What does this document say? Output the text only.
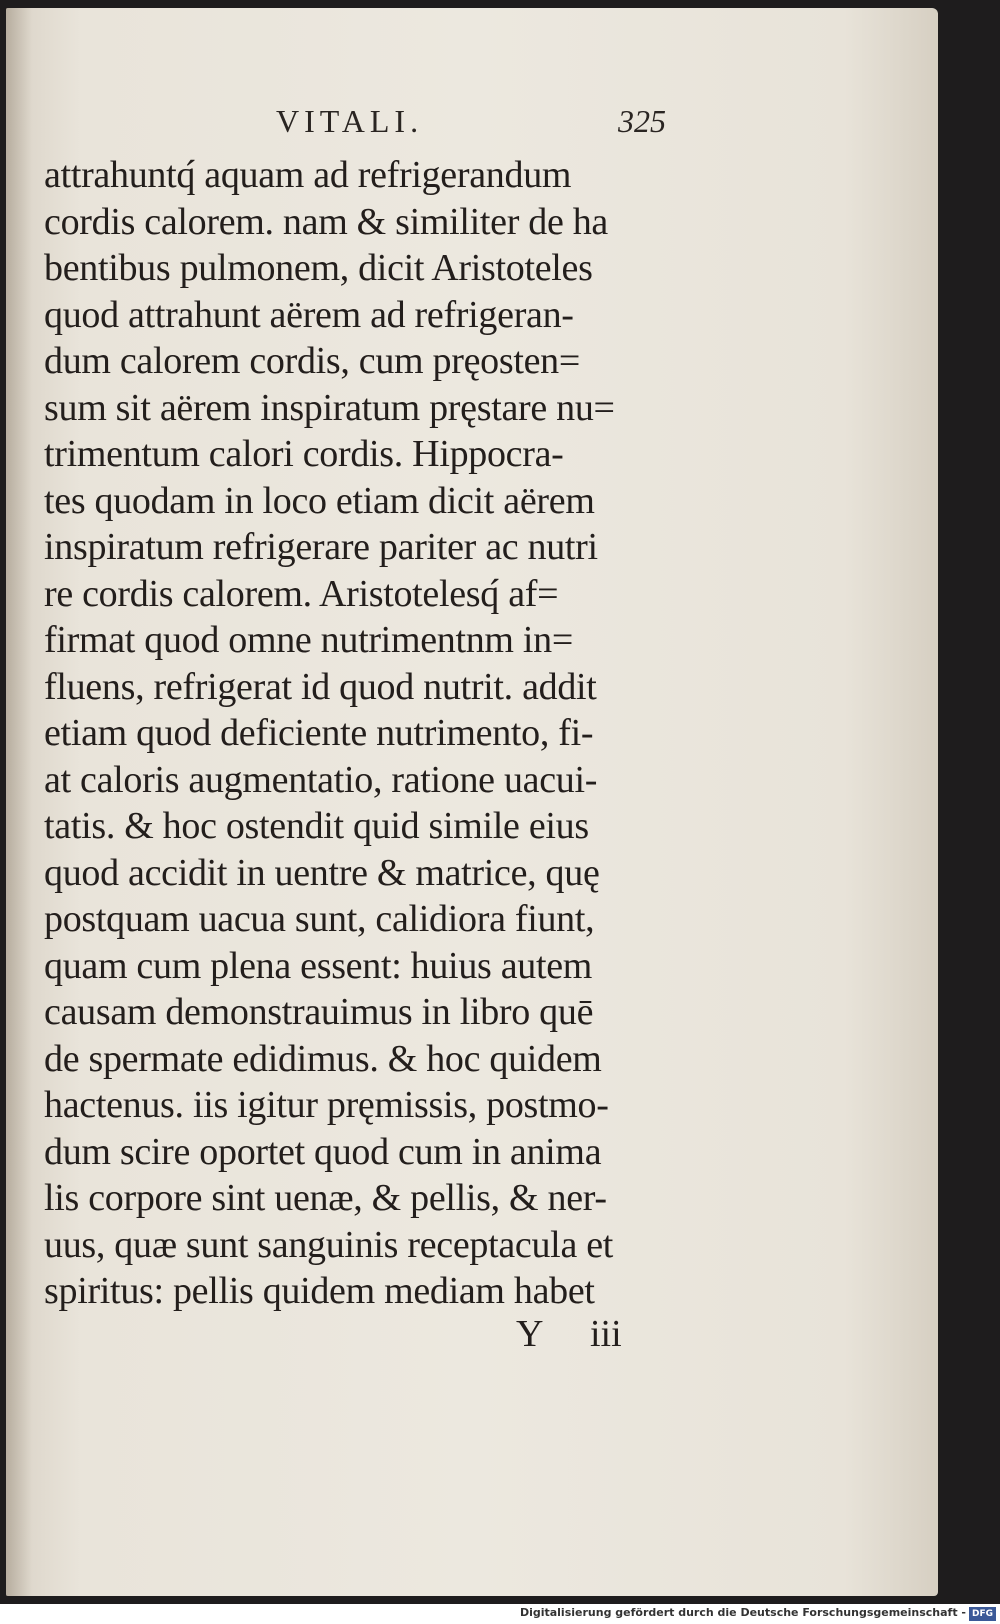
VITALI.	325
attrahuntq́ aquam ad refrigerandum
cordis calorem. nam & similiter de ha
bentibus pulmonem, dicit Aristoteles
quod attrahunt aërem ad refrigeran-
dum calorem cordis, cum pręosten=
sum sit aërem inspiratum pręstare nu=
trimentum calori cordis. Hippocra-
tes quodam in loco etiam dicit aërem
inspiratum refrigerare pariter ac nutri
re cordis calorem. Aristotelesq́ af=
firmat quod omne nutrimentnm in=
fluens, refrigerat id quod nutrit. addit
etiam quod deficiente nutrimento, fi-
at caloris augmentatio, ratione uacui-
tatis. & hoc ostendit quid simile eius
quod accidit in uentre & matrice, quę
postquam uacua sunt, calidiora fiunt,
quam cum plena essent: huius autem
causam demonstrauimus in libro quē
de spermate edidimus. & hoc quidem
hactenus. iis igitur pręmissis, postmo-
dum scire oportet quod cum in anima
lis corpore sint uenæ, & pellis, & ner-
uus, quæ sunt sanguinis receptacula et
spiritus: pellis quidem mediam habet
Y iii
Digitalisierung gefördert durch die Deutsche Forschungsgemeinschaft - DFG
